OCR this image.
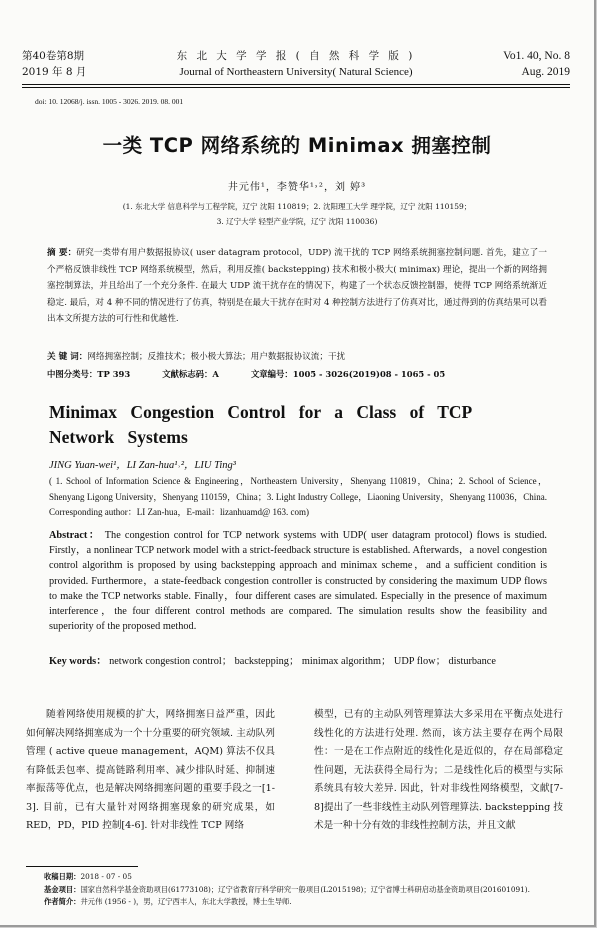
第40卷第8期
2019 年 8 月
东 北 大 学 学 报 ( 自 然 科 学 版 )
Journal of Northeastern University( Natural Science)
Vo1. 40, No. 8
Aug. 2019
doi: 10. 12068/j. issn. 1005 - 3026. 2019. 08. 001
一类 TCP 网络系统的 Minimax 拥塞控制
井元伟¹，李赞华¹˒²，刘 婷³
(1. 东北大学 信息科学与工程学院，辽宁 沈阳 110819；2. 沈阳理工大学 理学院，辽宁 沈阳 110159；
3. 辽宁大学 轻型产业学院，辽宁 沈阳 110036)
摘 要：研究一类带有用户数据报协议( user datagram protocol，UDP) 流干扰的 TCP 网络系统拥塞控制问题. 首先，建立了一个严格反馈非线性 TCP 网络系统模型，然后，利用反推( backstepping) 技术和极小极大( minimax) 理论，提出一个新的网络拥塞控制算法，并且给出了一个充分条件. 在最大 UDP 流干扰存在的情况下，构建了一个状态反馈控制器，使得 TCP 网络系统渐近稳定. 最后，对 4 种不同的情况进行了仿真，特别是在最大干扰存在时对 4 种控制方法进行了仿真对比，通过得到的仿真结果可以看出本文所提方法的可行性和优越性.
关 键 词：网络拥塞控制；反推技术；极小极大算法；用户数据报协议流；干扰
中图分类号：TP 393	文献标志码：A	文章编号：1005 - 3026(2019)08 - 1065 - 05
Minimax Congestion Control for a Class of TCP Network Systems
JING Yuan-wei¹，LI Zan-hua¹˒²，LIU Ting³
( 1. School of Information Science & Engineering，Northeastern University，Shenyang 110819，China；2. School of Science，Shenyang Ligong University，Shenyang 110159，China；3. Light Industry College，Liaoning University，Shenyang 110036，China. Corresponding author：LI Zan-hua，E-mail：lizanhuamd@ 163. com)
Abstract： The congestion control for TCP network systems with UDP( user datagram protocol) flows is studied. Firstly，a nonlinear TCP network model with a strict-feedback structure is established. Afterwards，a novel congestion control algorithm is proposed by using backstepping approach and minimax scheme，and a sufficient condition is provided. Furthermore，a state-feedback congestion controller is constructed by considering the maximum UDP flows to make the TCP networks stable. Finally，four different cases are simulated. Especially in the presence of maximum interference，the four different control methods are compared. The simulation results show the feasibility and superiority of the proposed method.
Key words： network congestion control； backstepping； minimax algorithm； UDP flow； disturbance
随着网络使用规模的扩大，网络拥塞日益严重，因此如何解决网络拥塞成为一个十分重要的研究领域. 主动队列管理 ( active queue management，AQM) 算法不仅具有降低丢包率、提高链路利用率、减少排队时延、抑制速率振荡等优点，也是解决网络拥塞问题的重要手段之一[1-3]. 目前，已有大量针对网络拥塞现象的研究成果，如 RED，PD，PID 控制[4-6]. 针对非线性 TCP 网络
模型，已有的主动队列管理算法大多采用在平衡点处进行线性化的方法进行处理. 然而，该方法主要存在两个局限性：一是在工作点附近的线性化是近似的，存在局部稳定性问题，无法获得全局行为；二是线性化后的模型与实际系统具有较大差异. 因此，针对非线性网络模型，文献[7-8]提出了一些非线性主动队列管理算法. backstepping 技术是一种十分有效的非线性控制方法，并且文献
收稿日期：2018 - 07 - 05
基金项目：国家自然科学基金资助项目(61773108)；辽宁省教育厅科学研究一般项目(L2015198)；辽宁省博士科研启动基金资助项目(201601091).
作者简介：井元伟 (1956 - )，男，辽宁西丰人，东北大学教授，博士生导师.
